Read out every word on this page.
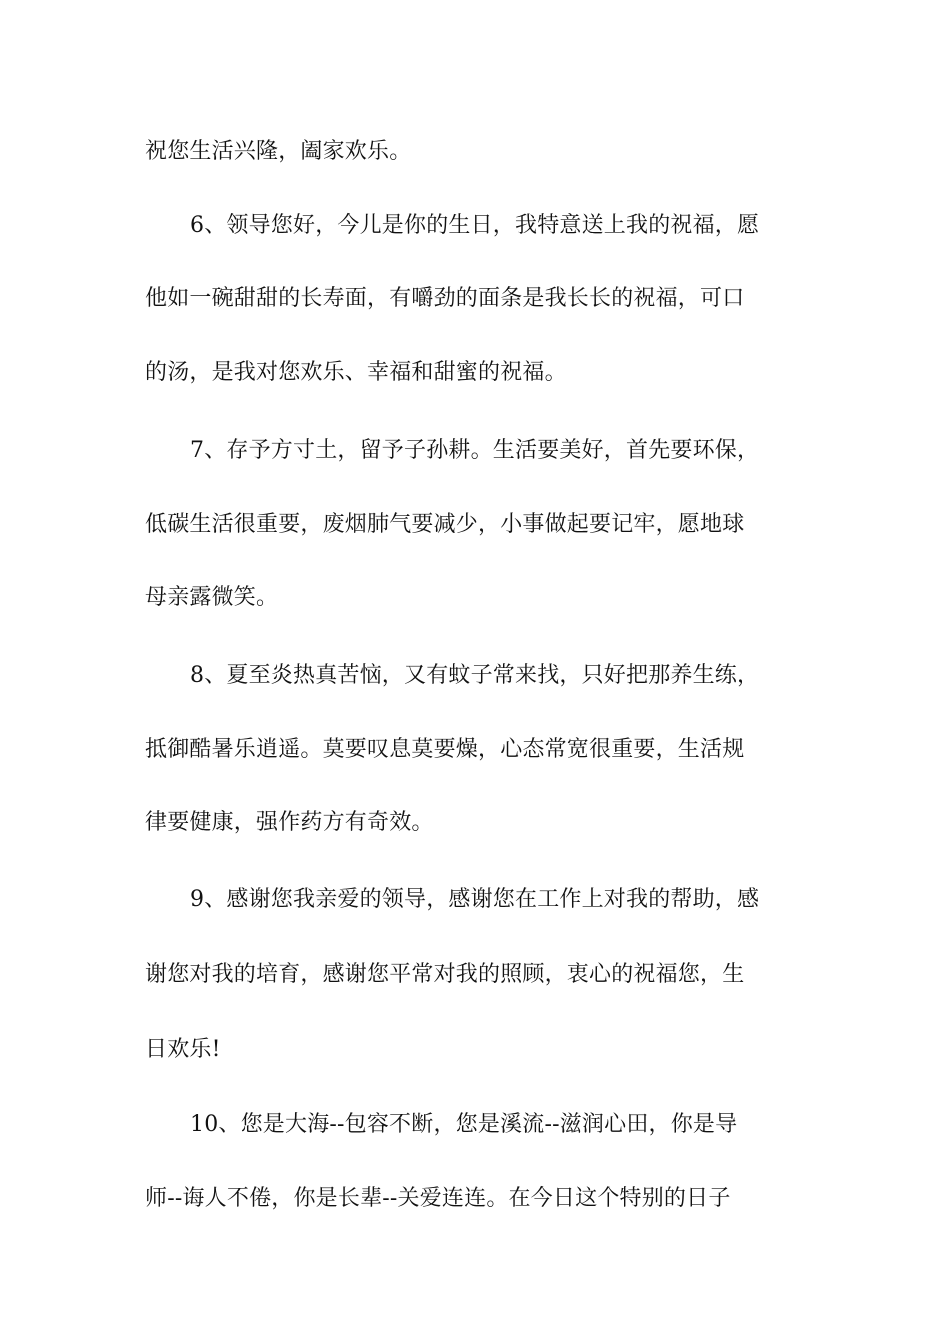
祝您生活兴隆，阖家欢乐。
6、领导您好，今儿是你的生日，我特意送上我的祝福，愿
他如一碗甜甜的长寿面，有嚼劲的面条是我长长的祝福，可口
的汤，是我对您欢乐、幸福和甜蜜的祝福。
7、存予方寸土，留予子孙耕。生活要美好，首先要环保，
低碳生活很重要，废烟肺气要减少，小事做起要记牢，愿地球
母亲露微笑。
8、夏至炎热真苦恼，又有蚊子常来找，只好把那养生练，
抵御酷暑乐逍遥。莫要叹息莫要燥，心态常宽很重要，生活规
律要健康，强作药方有奇效。
9、感谢您我亲爱的领导，感谢您在工作上对我的帮助，感
谢您对我的培育，感谢您平常对我的照顾，衷心的祝福您，生
日欢乐!
10、您是大海--包容不断，您是溪流--滋润心田，你是导
师--诲人不倦，你是长辈--关爱连连。在今日这个特别的日子
